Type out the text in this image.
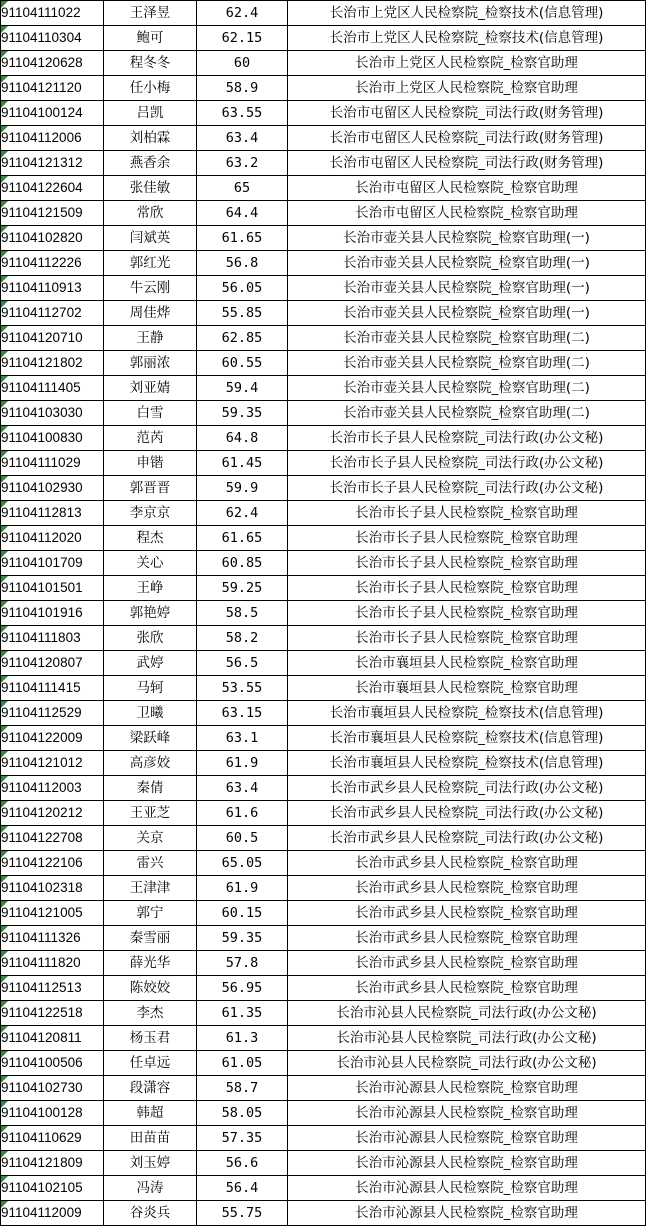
91104111022	王泽昱	62.4	长治市上党区人民检察院_检察技术(信息管理)
91104110304	鲍可	62.15	长治市上党区人民检察院_检察技术(信息管理)
91104120628	程冬冬	60	长治市上党区人民检察院_检察官助理
91104121120	任小梅	58.9	长治市上党区人民检察院_检察官助理
91104100124	吕凯	63.55	长治市屯留区人民检察院_司法行政(财务管理)
91104112006	刘柏霖	63.4	长治市屯留区人民检察院_司法行政(财务管理)
91104121312	燕香余	63.2	长治市屯留区人民检察院_司法行政(财务管理)
91104122604	张佳敏	65	长治市屯留区人民检察院_检察官助理
91104121509	常欣	64.4	长治市屯留区人民检察院_检察官助理
91104102820	闫斌英	61.65	长治市壶关县人民检察院_检察官助理(一)
91104112226	郭红光	56.8	长治市壶关县人民检察院_检察官助理(一)
91104110913	牛云刚	56.05	长治市壶关县人民检察院_检察官助理(一)
91104112702	周佳烨	55.85	长治市壶关县人民检察院_检察官助理(一)
91104120710	王静	62.85	长治市壶关县人民检察院_检察官助理(二)
91104121802	郭丽浓	60.55	长治市壶关县人民检察院_检察官助理(二)
91104111405	刘亚婧	59.4	长治市壶关县人民检察院_检察官助理(二)
91104103030	白雪	59.35	长治市壶关县人民检察院_检察官助理(二)
91104100830	范芮	64.8	长治市长子县人民检察院_司法行政(办公文秘)
91104111029	申锴	61.45	长治市长子县人民检察院_司法行政(办公文秘)
91104102930	郭晋晋	59.9	长治市长子县人民检察院_司法行政(办公文秘)
91104112813	李京京	62.4	长治市长子县人民检察院_检察官助理
91104112020	程杰	61.65	长治市长子县人民检察院_检察官助理
91104101709	关心	60.85	长治市长子县人民检察院_检察官助理
91104101501	王峥	59.25	长治市长子县人民检察院_检察官助理
91104101916	郭艳婷	58.5	长治市长子县人民检察院_检察官助理
91104111803	张欣	58.2	长治市长子县人民检察院_检察官助理
91104120807	武婷	56.5	长治市襄垣县人民检察院_检察官助理
91104111415	马轲	53.55	长治市襄垣县人民检察院_检察官助理
91104112529	卫曦	63.15	长治市襄垣县人民检察院_检察技术(信息管理)
91104122009	梁跃峰	63.1	长治市襄垣县人民检察院_检察技术(信息管理)
91104121012	高彦姣	61.9	长治市襄垣县人民检察院_检察技术(信息管理)
91104112003	秦倩	63.4	长治市武乡县人民检察院_司法行政(办公文秘)
91104120212	王亚芝	61.6	长治市武乡县人民检察院_司法行政(办公文秘)
91104122708	关京	60.5	长治市武乡县人民检察院_司法行政(办公文秘)
91104122106	雷兴	65.05	长治市武乡县人民检察院_检察官助理
91104102318	王津津	61.9	长治市武乡县人民检察院_检察官助理
91104121005	郭宁	60.15	长治市武乡县人民检察院_检察官助理
91104111326	秦雪丽	59.35	长治市武乡县人民检察院_检察官助理
91104111820	薛光华	57.8	长治市武乡县人民检察院_检察官助理
91104112513	陈姣姣	56.95	长治市武乡县人民检察院_检察官助理
91104122518	李杰	61.35	长治市沁县人民检察院_司法行政(办公文秘)
91104120811	杨玉君	61.3	长治市沁县人民检察院_司法行政(办公文秘)
91104100506	任卓远	61.05	长治市沁县人民检察院_司法行政(办公文秘)
91104102730	段潇容	58.7	长治市沁源县人民检察院_检察官助理
91104100128	韩超	58.05	长治市沁源县人民检察院_检察官助理
91104110629	田苗苗	57.35	长治市沁源县人民检察院_检察官助理
91104121809	刘玉婷	56.6	长治市沁源县人民检察院_检察官助理
91104102105	冯涛	56.4	长治市沁源县人民检察院_检察官助理
91104112009	谷炎兵	55.75	长治市沁源县人民检察院_检察官助理
